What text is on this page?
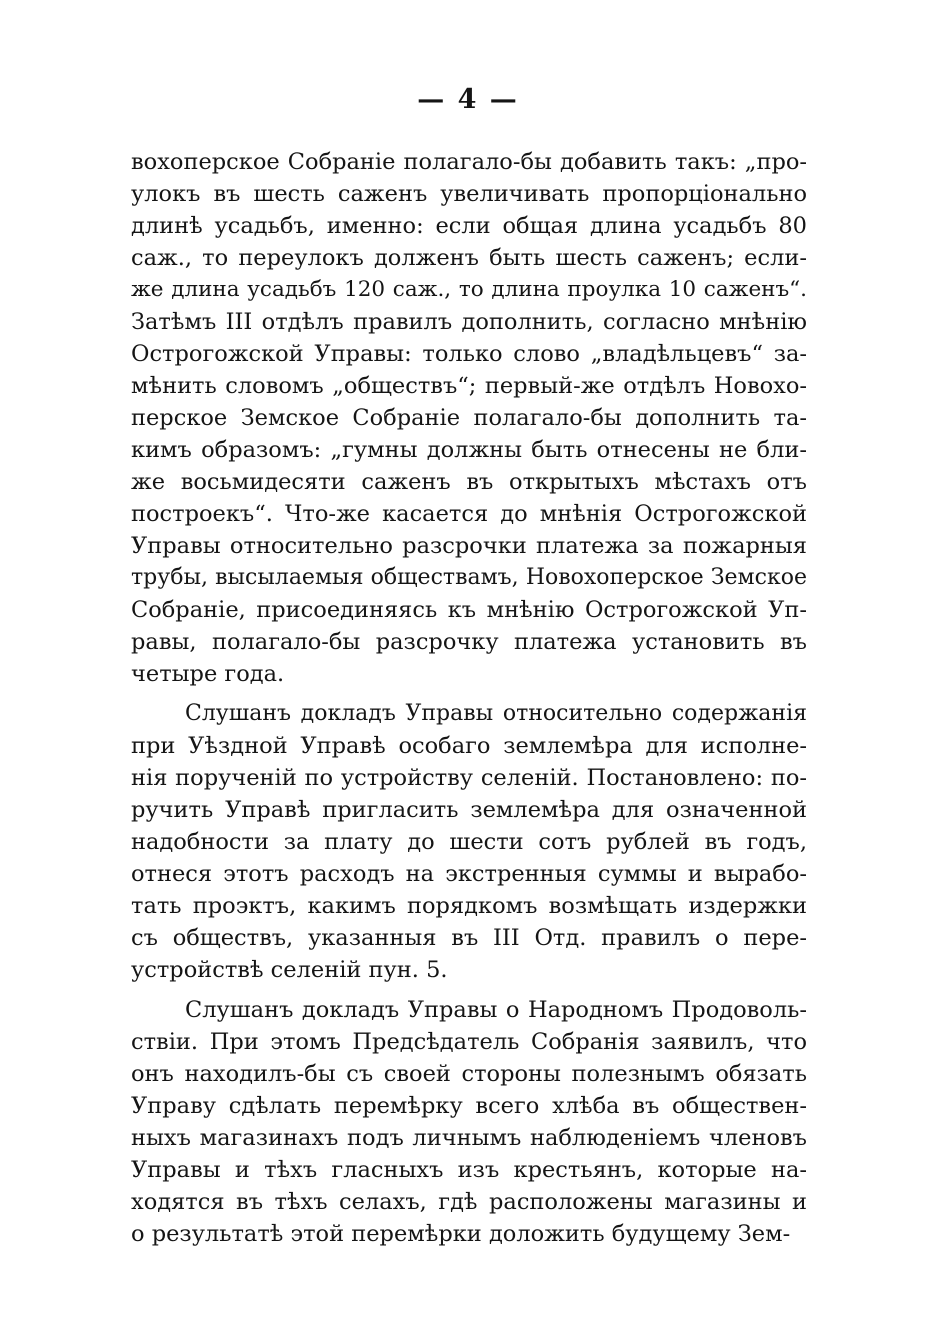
— 4 —
вохоперское Собраніе полагало-бы добавить такъ: „про-
улокъ въ шесть саженъ увеличивать пропорціонально
длинѣ усадьбъ, именно: если общая длина усадьбъ 80
саж., то переулокъ долженъ быть шесть саженъ; если-
же длина усадьбъ 120 саж., то длина проулка 10 саженъ“.
Затѣмъ III отдѣлъ правилъ дополнить, согласно мнѣнію
Острогожской Управы: только слово „владѣльцевъ“ за-
мѣнить словомъ „обществъ“; первый-же отдѣлъ Новохо-
перское Земское Собраніе полагало-бы дополнить та-
кимъ образомъ: „гумны должны быть отнесены не бли-
же восьмидесяти саженъ въ открытыхъ мѣстахъ отъ
построекъ“. Что-же касается до мнѣнія Острогожской
Управы относительно разсрочки платежа за пожарныя
трубы, высылаемыя обществамъ, Новохоперское Земское
Собраніе, присоединяясь къ мнѣнію Острогожской Уп-
равы, полагало-бы разсрочку платежа установить въ
четыре года.
Слушанъ докладъ Управы относительно содержанія
при Уѣздной Управѣ особаго землемѣра для исполне-
нія порученій по устройству селеній. Постановлено: по-
ручить Управѣ пригласить землемѣра для означенной
надобности за плату до шести сотъ рублей въ годъ,
отнеся этотъ расходъ на экстренныя суммы и вырабо-
тать проэктъ, какимъ порядкомъ возмѣщать издержки
съ обществъ, указанныя въ III Отд. правилъ о пере-
устройствѣ селеній пун. 5.
Слушанъ докладъ Управы о Народномъ Продоволь-
ствіи. При этомъ Предсѣдатель Собранія заявилъ, что
онъ находилъ-бы съ своей стороны полезнымъ обязать
Управу сдѣлать перемѣрку всего хлѣба въ обществен-
ныхъ магазинахъ подъ личнымъ наблюденіемъ членовъ
Управы и тѣхъ гласныхъ изъ крестьянъ, которые на-
ходятся въ тѣхъ селахъ, гдѣ расположены магазины и
о результатѣ этой перемѣрки доложить будущему Зем-
